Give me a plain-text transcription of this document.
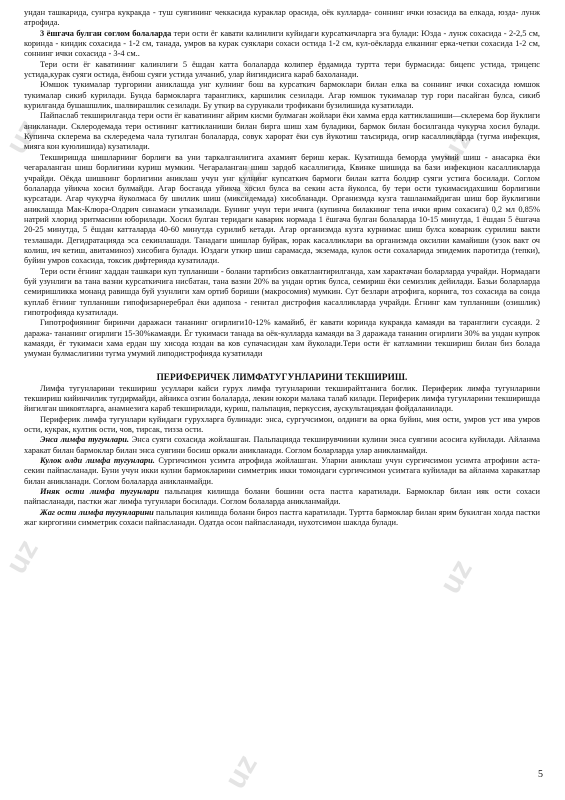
uz
uz
uz
uz
uz
uz

ундан ташкарида, сунгра кукракда - туш суягининг чеккасида кураклар орасида, оёк кулларда- соннинг ички юзасида ва елкада, юзда- лунж атрофида.

3 ёшгача булган соглом болаларда тери ости ёг кавати калинлиги куйидаги курсаткичларга эга булади: Юзда - лунж сохасида - 2-2,5 см, коринда - киндик сохасида - 1-2 см, танада, умров ва курак суяклари сохаси остида 1-2 см, кул-оёкларда елканинг ерка-четки сохасида 1-2 см, соннинг ички сохасида - 3-4 см..

Тери ости ёг каватининг калинлиги 5 ёшдан катта болаларда колипер ёрдамида туртта тери бурмасида: бицепс устида, трицепс устида,курак суяги остида, ёнбош суяги устида улчаниб, улар йигиндисига караб бахоланади.

Юмшок тукималар тургорини аниклашда унг кулнинг бош ва курсаткич бармоклари билан елка ва соннинг ички сохасида юмшок тукималар сикиб курилади. Бунда бармокларга тарангликх, каршилик сезилади. Агар юмшок тукималар тур гори пасайган булса, сикиб курилганда бушашшлик, шалвирашлик сезилади. Бу уткир ва сурункали трофикани бузилишида кузатилади.

Пайпаслаб текширилганда тери ости ёг каватининг айрим кисми булмаган жойлари ёки хамма ерда каттиклашиши—склерема бор йуклиги аникланади. Склеродемада тери остининг каттикланиши билан бирга шиш хам буладики, бармок билан босилганда чукурча хосил булади. Купинча склерема ва склередема чала тугилган болаларда, совук харорат ёки сув йукотиш таъсирида, огир касалликларда (тугма инфекция, миягa кон куюлишида) кузатилади.

Текширишда шишларнинг борлиги ва уни таркалганлигига ахамият бериш керак. Кузатишда беморда умумий шиш - анасарка ёки чегараланган шиш борлигини куриш мумкин. Чегараланган шиш зардоб касаллигида, Квинке шишида ва бази инфекцион касалликларда учрайди. Оёкда шишнинг борлигини аниклаш учун унг кулнинг купсаткич бармоги билан катта болдир суяги устига босилади. Соглом болаларда уйикча хосил булмайди. Агар босганда уйикча хосил булса ва секин аста йуколса, бу тери ости тукимасидахшиш борлигини курсатади. Агар чукурча йуколмаса бу шиллик шиш (миксидемада) хисобланади. Организмда кузга ташланмайдиган шиш бор йуклигини аниклашда Мак-Клюра-Олдрич синамаси утказилади. Бунинг учун тери ичига (купинча билакнинг тепа ички ярим сохасига) 0,2 мл 0,85% натрий хлорид эритмасини юборилади. Хосил булган теридаги каварик нормада 1 ёшгача булган болаларда 10-15 минутда, 1 ёшдан 5 ёшгача 20-25 минутда, 5 ёшдан катталарда 40-60 минутда сурилиб кетади. Агар организмда кузга курнимас шиш булса коваркик сурилиш вакти тезлашади. Дегидратацияда эса секинлашади. Танадаги шишлар буйрак, юрак касалликлари ва организмда оксилни камайиши (узок вакт оч колиш, ич кетиш, авитаминоз) хисобига булади. Юздаги уткир шиш сарамасда, экземада, кулок ости сохаларида эпидемик паротитда (тепки), буйин умров сохасида, токсик дифтерияда кузатилади.

Тери ости ёгнинг хаддан ташкари куп тупланиши - болани тартибсиз овкатлантирилганда, хам характачан боларларда учрайди. Нормадаги буй узунлиги ва тана вазни курсаткичига нисбатан, тана вазни 20% ва ундан ортик булса, семириш ёки семизлик дейилади. Базьи боларларда семиришликка монанд равишда буй узунлиги хам ортиб бориши (макросомия) мумкин. Сут безлари атрофига, корнига, тоз сохасида ва сонда куплаб ёгнинг тупланиши гипофизарнеребрал ёки адипоза - генитал дистрофия касалликларда учрайди. Ёгнинг кам тупланиши (озишлик) гипотрофияда кузатилади.

Гипотрофиянинг биринчи даражаси тананинг огирлиги10-12% камайиб, ёг кавати коринда кукракда камаяди ва таранглиги сусаяди. 2 даража- тананинг огирлиги 15-30%камаяди. Ёг тукимаси танада ва оёк-кулларда камаяди ва 3 даражада тананин огирлиги 30% ва ундан купрок камаяди, ёг тукимаси хама ердан шу хисода юздан ва ков супачасидан хам йуколади.Тери ости ёг катламини текшириш билан биз болада умуман булмаслигини тугма умумий липодистрофияда кузатилади

ПЕРИФЕРИЧЕК ЛИМФАТУГУНЛАРИНИ ТЕКШИРИШ.

Лимфа тугунларини текшириш усуллари кайси гурух лимфа тугунларини текширайтганига боглик. Периферик лимфа тугунларини текшириш кийинчилик тугдирмайди, айникса озгин болаларда, лекин юкори малака талаб килади. Периферик лимфа тугунларини текширишда йигилган шикоятларга, анамнезига караб текширилади, куриш, пальпация, перкуссия, аускультациядан фойдаланилади.

Периферик лимфа тугунлари куйидаги гуруxларга булинади: энса, сургучсимон, олдинги ва орка буйин, мия ости, умров уст ива умров ости, кукрак, култик ости, чов, тирсак, тизза ости.

Энса лимфа тугунлари. Энса суяги сохасида жойлашган. Пальпацияда текширувчиини кулини энса суягини асосига куйилади. Айланма харакат билан бармоклар билан энса суягини босиш оркали аникланади. Соглом боларларда улар аникланмайди.

Кулок олди лимфа тугунлари. Сургичсимон усимта атрофида жойлашган. Уларни аниклаш учун сургичсимон усимта атрофини аста-секин пайпасланади. Буни учун икки кулни бармокларини симметрик икки томондаги сургичсимон усимтага куйилади ва айланма харакатлар билан аникланади. Соглом болаларда аникланмайди.

Иняк ости лимфа тугунлари пальпация килишда болани бошини оста пастга каратилади. Бармоклар билан ияк ости сохаси пайпасланади, пастки жаг лимфа тугунлари босилади. Соглом болаларда аникланмайди.

Жаг ости лимфа тугунларини пальпация килишда болани бироз пастга каратилади. Туртта бармоклар билан ярим букилган холда пастки жаг киргогини симметрик сохаси пайпасланади. Одатда осон пайпасланади, нухотсимон шаклда булади.

5
